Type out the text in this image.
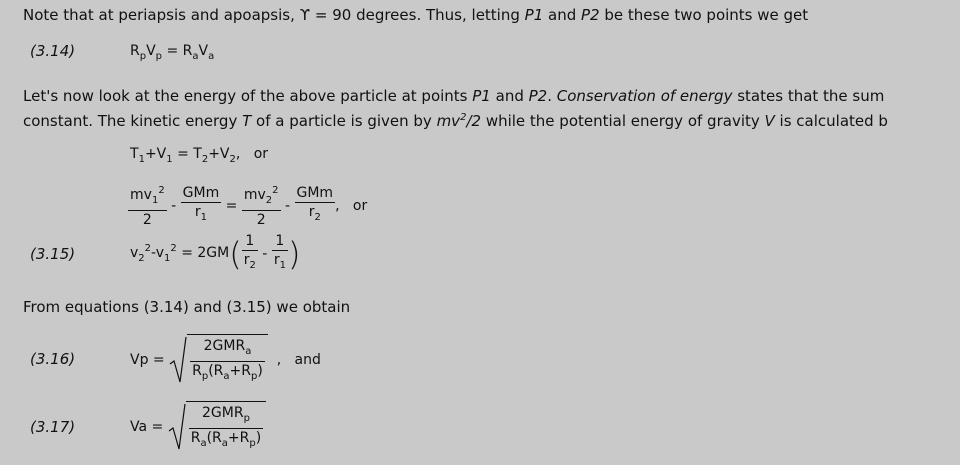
Note that at periapsis and apoapsis, ϒ = 90 degrees. Thus, letting P1 and P2 be these two points we get
(3.14)	$R_pV_p = R_aV_a$
Let's now look at the energy of the above particle at points P1 and P2. Conservation of energy states that the sum
constant. The kinetic energy T of a particle is given by $mv^2/2$ while the potential energy of gravity V is calculated b
$T_1+V_1 = T_2+V_2$,   or
$\frac{mv_1^2}{2} - \frac{\text{GMm}}{r_1} = \frac{mv_2^2}{2} - \frac{\text{GMm}}{r_2}$ , or
(3.15)	$v_2^2-v_1^2 = 2GM$ ( $\frac{1}{r_2} - \frac{1}{r_1}$ )
From equations (3.14) and (3.15) we obtain
(3.16)	$Vp = \frac{2GMR_a}{R_p(R_a+R_p)}$ , and
(3.17)	$Va = \frac{2GMR_p}{R_a(R_a+R_p)}$
